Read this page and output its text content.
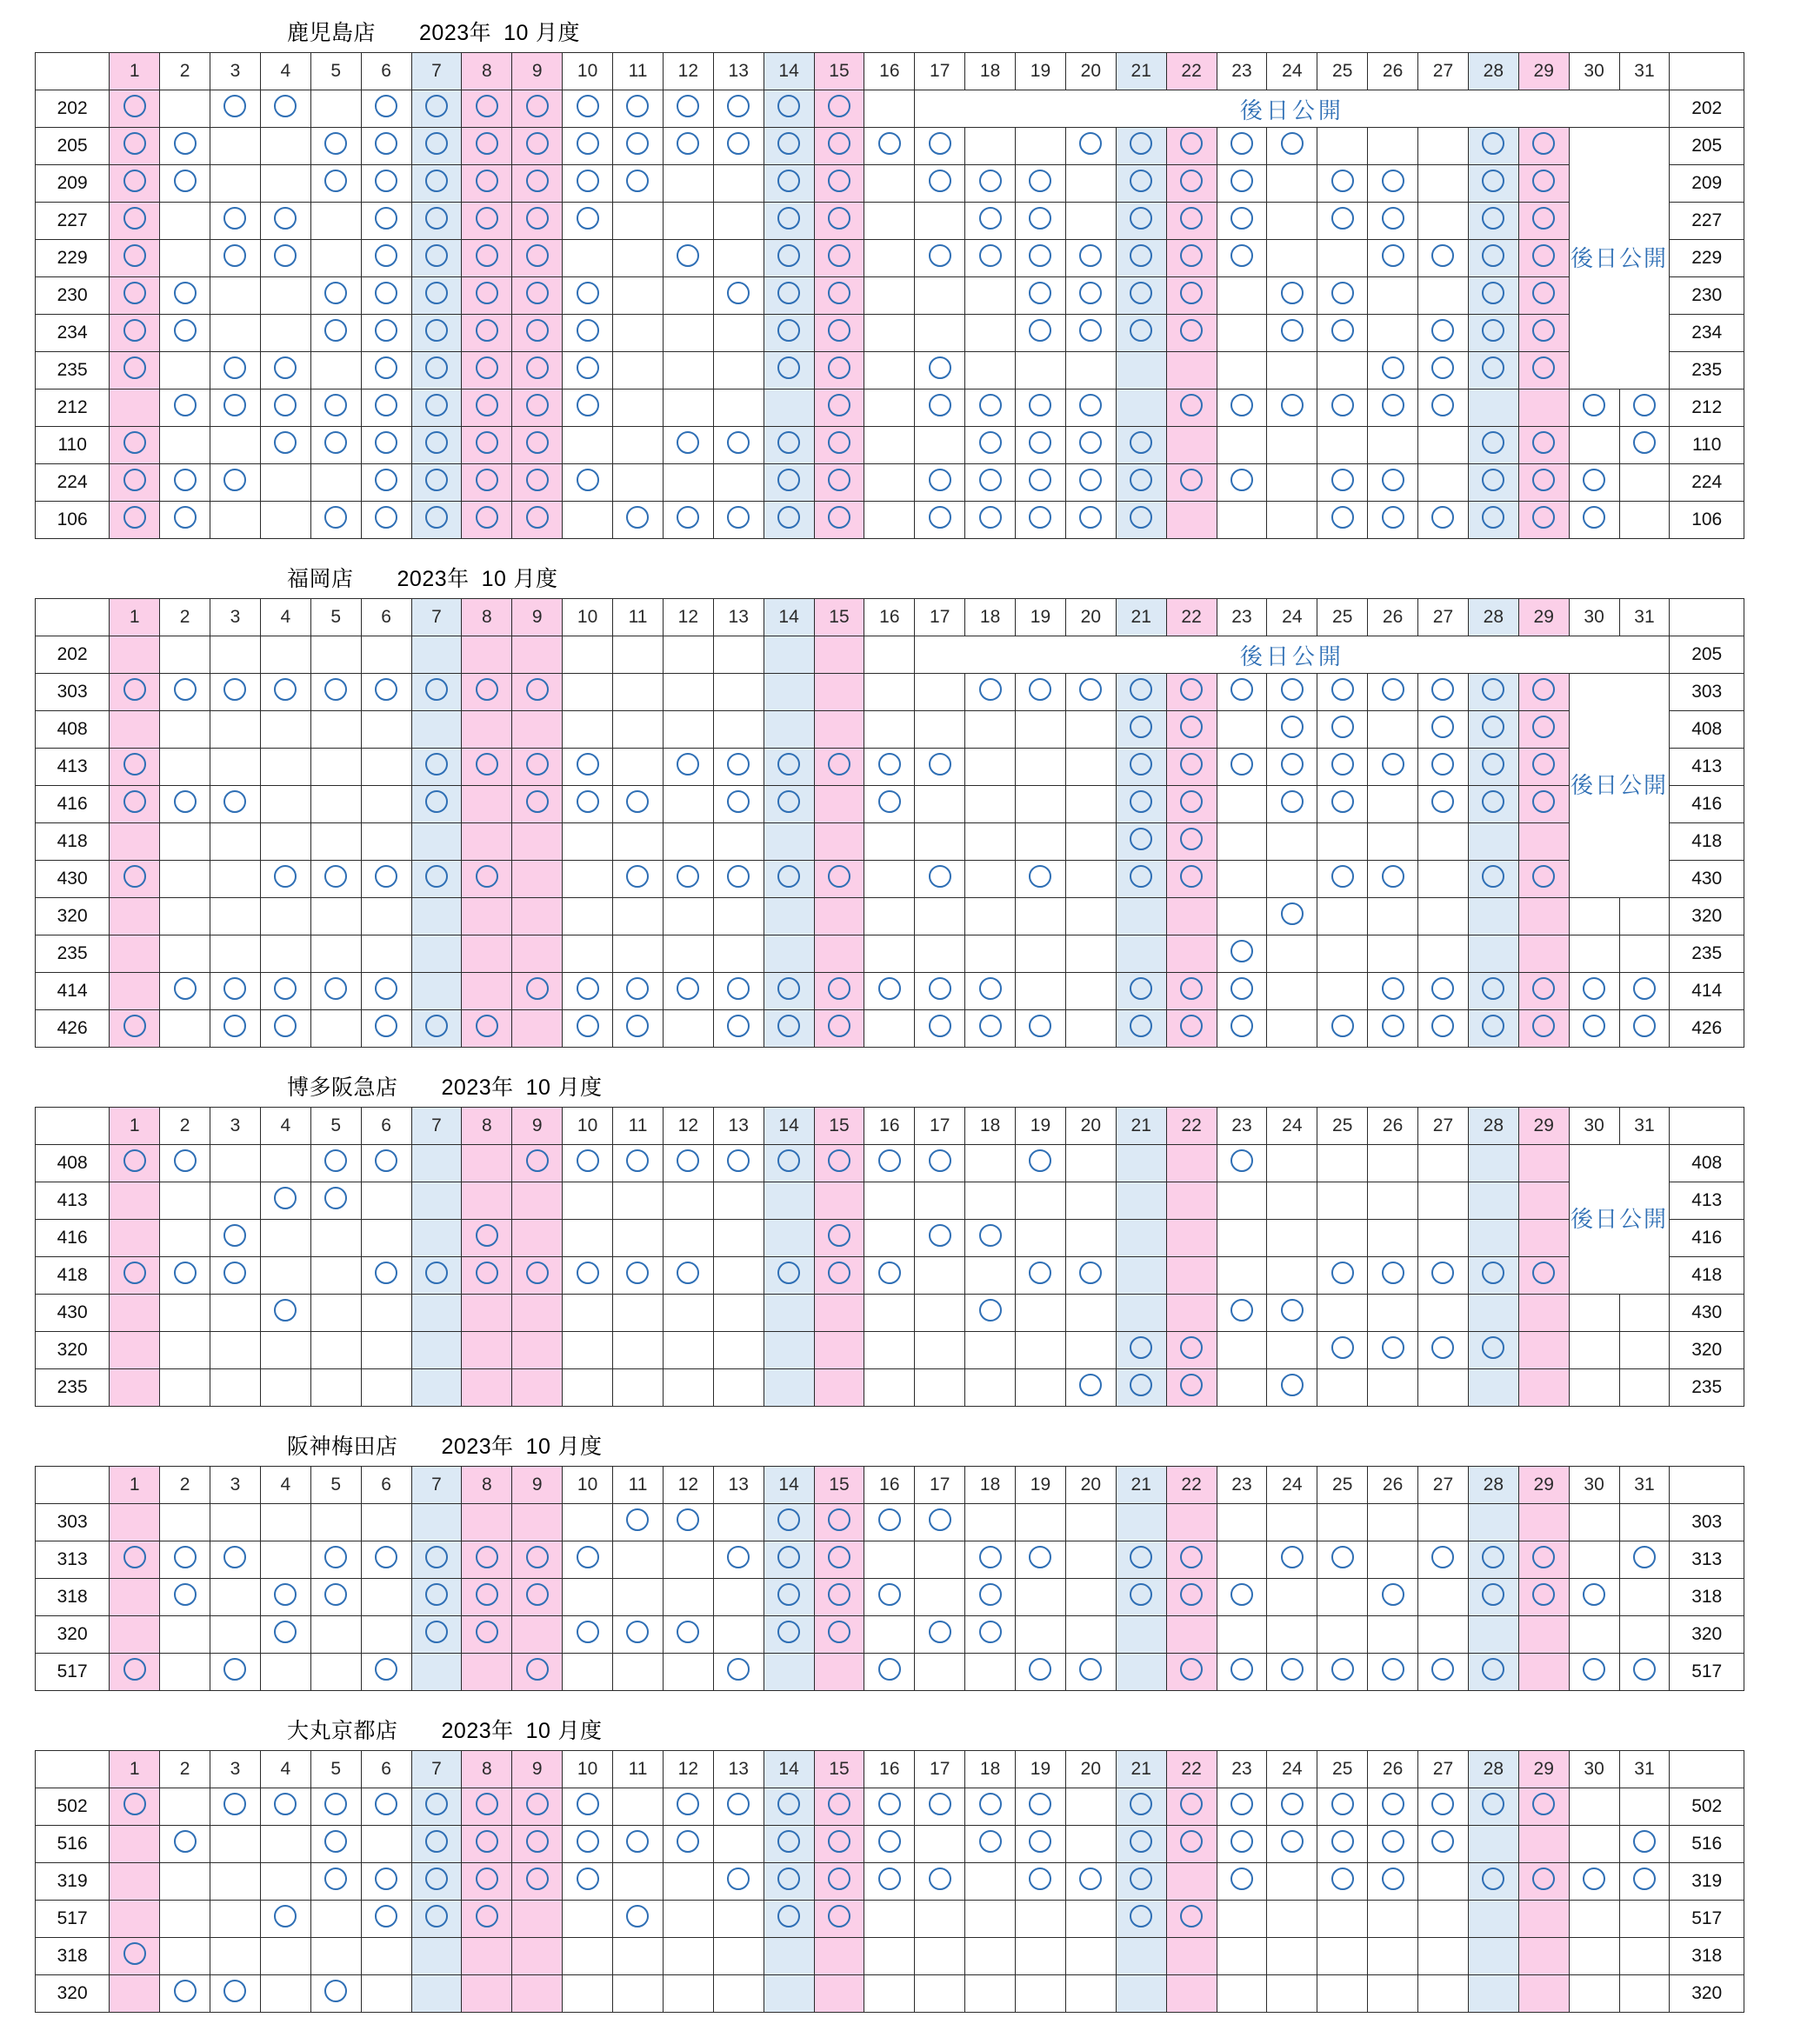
鹿児島店 2023年 10 月度
	1	2	3	4	5	6	7	8	9	10	11	12	13	14	15	16	17	18	19	20	21	22	23	24	25	26	27	28	29	30	31	
202																	後日公開															202
205																														後日公開		205
209																																209
227																																227
229																																229
230																																230
234																																234
235																																235
212																																212
110																																110
224																																224
106																																106
福岡店 2023年 10 月度
	1	2	3	4	5	6	7	8	9	10	11	12	13	14	15	16	17	18	19	20	21	22	23	24	25	26	27	28	29	30	31	
202																	後日公開															205
303																														後日公開		303
408																																408
413																																413
416																																416
418																																418
430																																430
320																																320
235																																235
414																																414
426																																426
博多阪急店 2023年 10 月度
	1	2	3	4	5	6	7	8	9	10	11	12	13	14	15	16	17	18	19	20	21	22	23	24	25	26	27	28	29	30	31	
408																														後日公開		408
413																																413
416																																416
418																																418
430																																430
320																																320
235																																235
阪神梅田店 2023年 10 月度
	1	2	3	4	5	6	7	8	9	10	11	12	13	14	15	16	17	18	19	20	21	22	23	24	25	26	27	28	29	30	31	
303																																303
313																																313
318																																318
320																																320
517																																517
大丸京都店 2023年 10 月度
	1	2	3	4	5	6	7	8	9	10	11	12	13	14	15	16	17	18	19	20	21	22	23	24	25	26	27	28	29	30	31	
502																																502
516																																516
319																																319
517																																517
318																																318
320																																320
